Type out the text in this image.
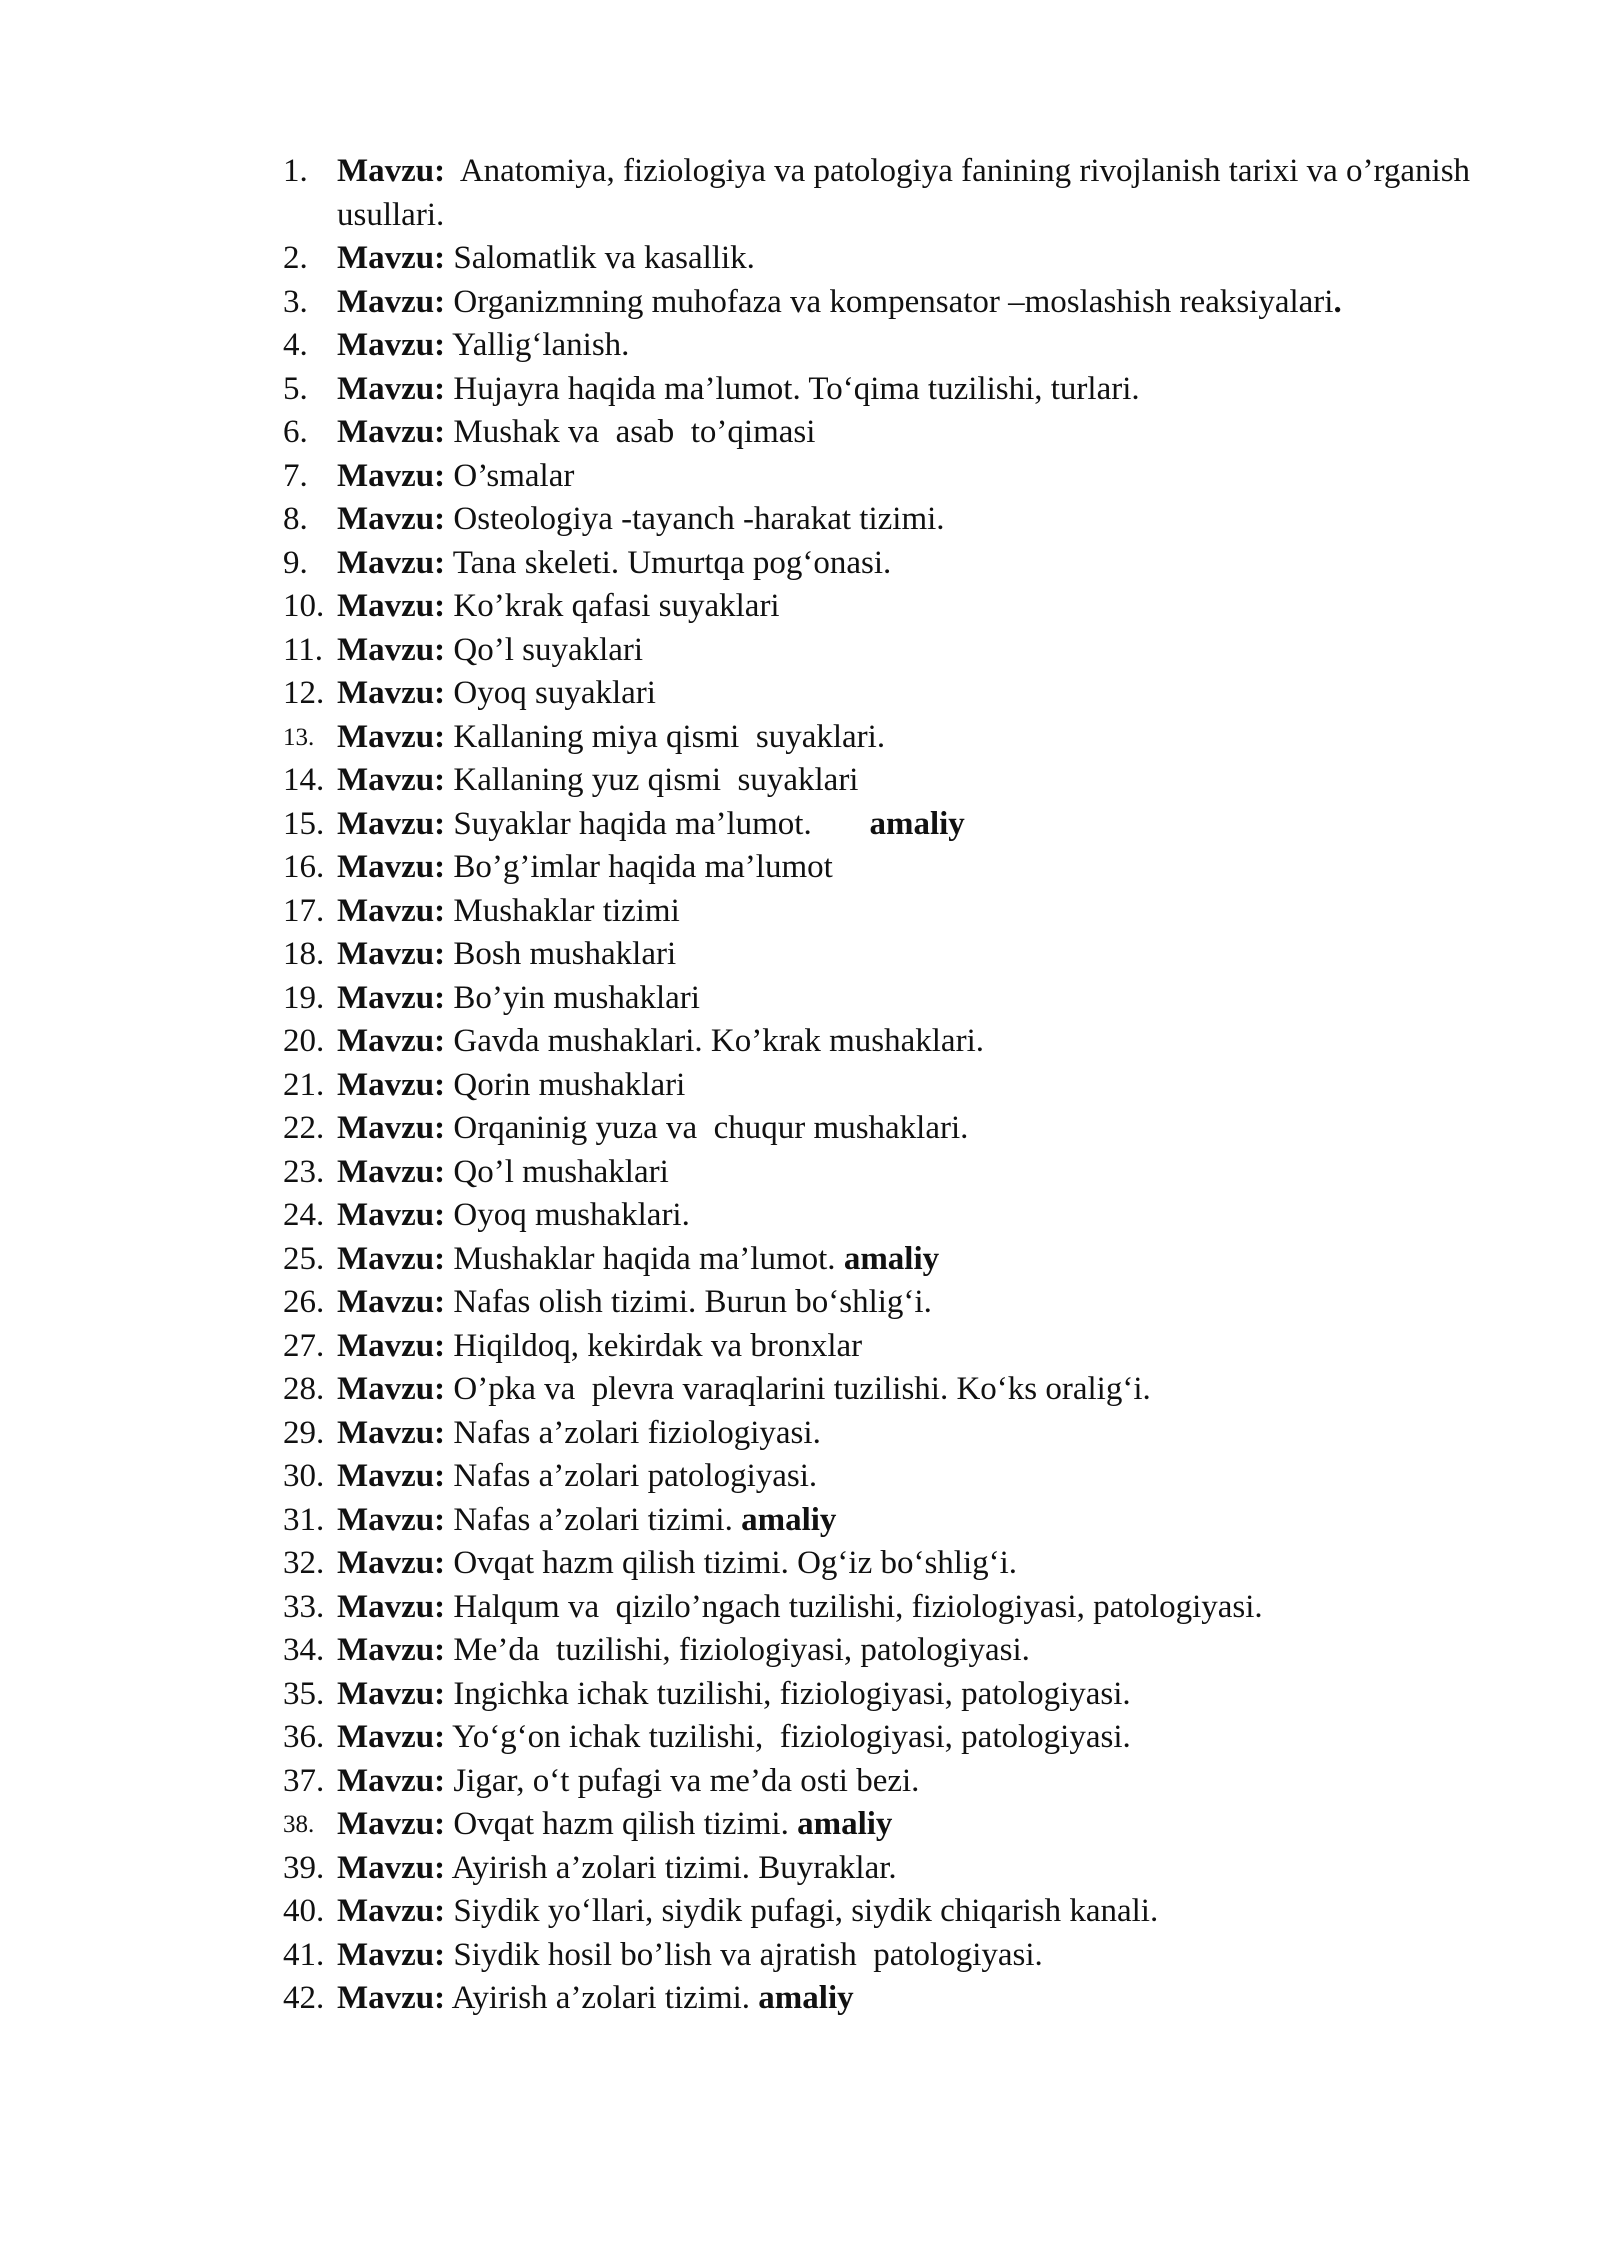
1. Mavzu:  Anatomiya, fiziologiya va patologiya fanining rivojlanish tarixi va o’rganish usullari.
2. Mavzu: Salomatlik va kasallik.
3. Mavzu: Organizmning muhofaza va kompensator –moslashish reaksiyalari.
4. Mavzu: Yallig‘lanish.
5. Mavzu: Hujayra haqida ma’lumot. To‘qima tuzilishi, turlari.
6. Mavzu: Mushak va  asab  to’qimasi
7. Mavzu: O’smalar
8. Mavzu: Osteologiya -tayanch -harakat tizimi.
9. Mavzu: Tana skeleti. Umurtqa pog‘onasi.
10. Mavzu: Ko’krak qafasi suyaklari
11. Mavzu: Qo’l suyaklari
12. Mavzu: Oyoq suyaklari
13. Mavzu: Kallaning miya qismi  suyaklari.
14. Mavzu: Kallaning yuz qismi  suyaklari
15. Mavzu: Suyaklar haqida ma’lumot.       amaliy
16. Mavzu: Bo’g’imlar haqida ma’lumot
17. Mavzu: Mushaklar tizimi
18. Mavzu: Bosh mushaklari
19. Mavzu: Bo’yin mushaklari
20. Mavzu: Gavda mushaklari. Ko’krak mushaklari.
21. Mavzu: Qorin mushaklari
22. Mavzu: Orqaninig yuza va  chuqur mushaklari.
23. Mavzu: Qo’l mushaklari
24. Mavzu: Oyoq mushaklari.
25. Mavzu: Mushaklar haqida ma’lumot. amaliy
26. Mavzu: Nafas olish tizimi. Burun bo‘shlig‘i.
27. Mavzu: Hiqildoq, kekirdak va bronxlar
28. Mavzu: O’pka va  plevra varaqlarini tuzilishi. Ko‘ks oralig‘i.
29. Mavzu: Nafas a’zolari fiziologiyasi.
30. Mavzu: Nafas a’zolari patologiyasi.
31. Mavzu: Nafas a’zolari tizimi. amaliy
32. Mavzu: Ovqat hazm qilish tizimi. Og‘iz bo‘shlig‘i.
33. Mavzu: Halqum va  qizilo’ngach tuzilishi, fiziologiyasi, patologiyasi.
34. Mavzu: Me’da  tuzilishi, fiziologiyasi, patologiyasi.
35. Mavzu: Ingichka ichak tuzilishi, fiziologiyasi, patologiyasi.
36. Mavzu: Yo‘g‘on ichak tuzilishi,  fiziologiyasi, patologiyasi.
37. Mavzu: Jigar, o‘t pufagi va me’da osti bezi.
38. Mavzu: Ovqat hazm qilish tizimi. amaliy
39. Mavzu: Ayirish a’zolari tizimi. Buyraklar.
40. Mavzu: Siydik yo‘llari, siydik pufagi, siydik chiqarish kanali.
41. Mavzu: Siydik hosil bo’lish va ajratish  patologiyasi.
42. Mavzu: Ayirish a’zolari tizimi. amaliy
